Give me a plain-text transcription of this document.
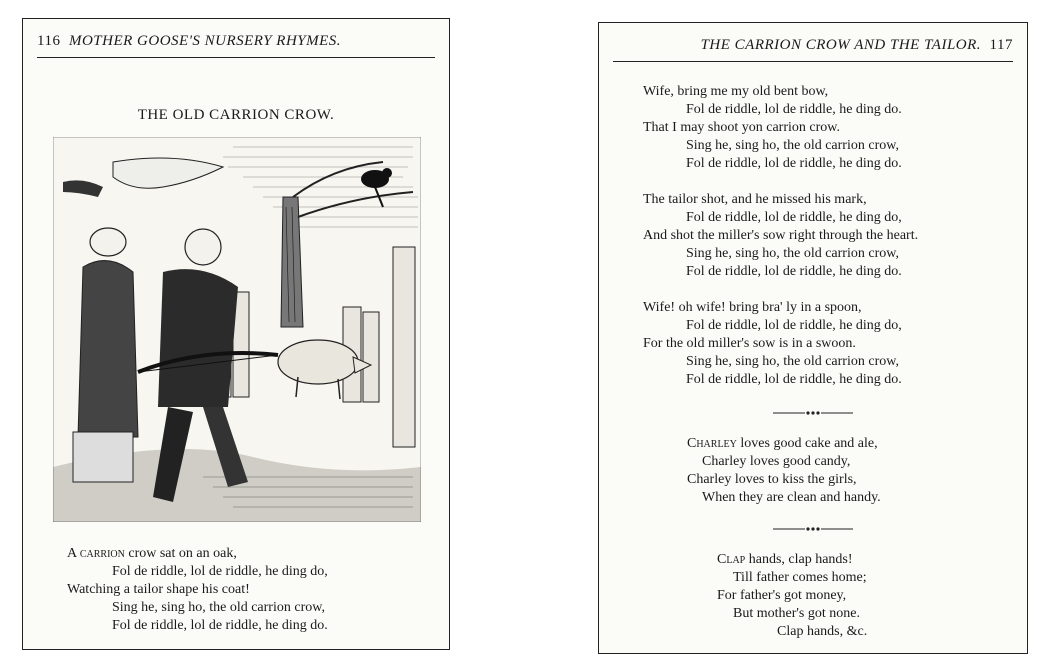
116 MOTHER GOOSE'S NURSERY RHYMES.
THE OLD CARRION CROW.
A carrion crow sat on an oak,
Fol de riddle, lol de riddle, he ding do,
Watching a tailor shape his coat!
Sing he, sing ho, the old carrion crow,
Fol de riddle, lol de riddle, he ding do.
THE CARRION CROW AND THE TAILOR. 117
Wife, bring me my old bent bow,
Fol de riddle, lol de riddle, he ding do.
That I may shoot yon carrion crow.
Sing he, sing ho, the old carrion crow,
Fol de riddle, lol de riddle, he ding do.
The tailor shot, and he missed his mark,
Fol de riddle, lol de riddle, he ding do,
And shot the miller's sow right through the heart.
Sing he, sing ho, the old carrion crow,
Fol de riddle, lol de riddle, he ding do.
Wife! oh wife! bring bra' ly in a spoon,
Fol de riddle, lol de riddle, he ding do,
For the old miller's sow is in a swoon.
Sing he, sing ho, the old carrion crow,
Fol de riddle, lol de riddle, he ding do.
Charley loves good cake and ale,
Charley loves good candy,
Charley loves to kiss the girls,
When they are clean and handy.
Clap hands, clap hands!
Till father comes home;
For father's got money,
But mother's got none.
Clap hands, &c.
